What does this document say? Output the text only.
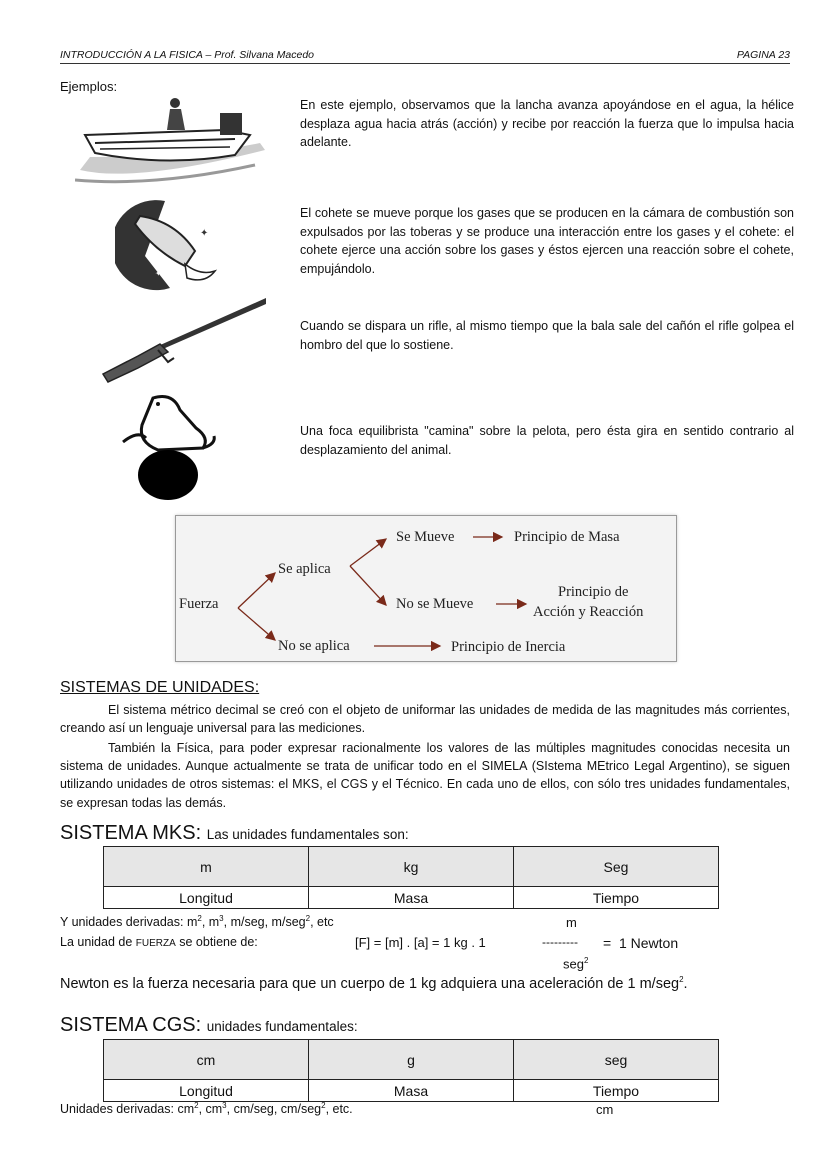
INTRODUCCIÓN A LA FISICA – Prof. Silvana Macedo	PAGINA 23
Ejemplos:
En este ejemplo, observamos que la lancha avanza apoyándose en el agua, la hélice desplaza agua hacia atrás (acción) y recibe por reacción la fuerza que lo impulsa hacia adelante.
✦
✦
✦
El cohete se mueve porque los gases que se producen en la cámara de combustión son expulsados por las toberas y se produce una interacción entre los gases y el cohete: el cohete ejerce una acción sobre los gases y éstos ejercen una reacción sobre el cohete, empujándolo.
Cuando se dispara un rifle, al mismo tiempo que la bala sale del cañón el rifle golpea el hombro del que lo sostiene.
Una foca equilibrista "camina" sobre la pelota, pero ésta gira en sentido contrario al desplazamiento del animal.
Fuerza
Se aplica
No se aplica
Se Mueve
No se Mueve
Principio de Masa
Principio de
Acción y Reacción
Principio de Inercia
SISTEMAS DE UNIDADES:
El sistema métrico decimal se creó con el objeto de uniformar las unidades de medida de las magnitudes más corrientes, creando así un lenguaje universal para las mediciones.
También la Física, para poder expresar racionalmente los valores de las múltiples magnitudes conocidas necesita un sistema de unidades. Aunque actualmente se trata de unificar todo en el SIMELA (SIstema MEtrico Legal Argentino), se siguen utilizando unidades de otros sistemas: el MKS, el CGS y el Técnico. En cada uno de ellos, con sólo tres unidades fundamentales, se expresan todas las demás.
SISTEMA MKS: Las unidades fundamentales son:
m	kg	Seg
Longitud	Masa	Tiempo
Y unidades derivadas: $m^2$, $m^3$, m/seg, m/seg$^2$, etc	m
La unidad de FUERZA se obtiene de:	[F] = [m] . [a] = 1 kg . 1	--------- =  1 Newton
seg$^2$
Newton es la fuerza necesaria para que un cuerpo de 1 kg adquiera una aceleración de 1 m/seg$^2$.
SISTEMA CGS: unidades fundamentales:
cm	g	seg
Longitud	Masa	Tiempo
Unidades derivadas: $cm^2$, $cm^3$, cm/seg, cm/seg$^2$, etc.	cm
